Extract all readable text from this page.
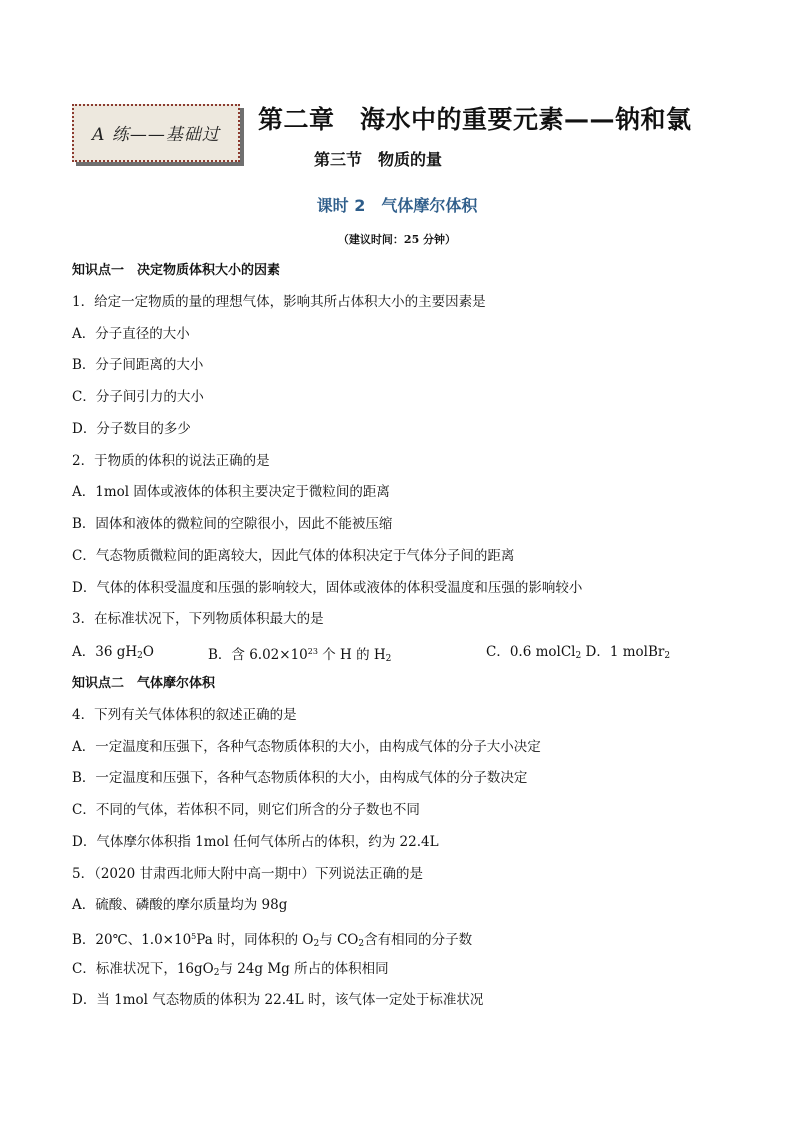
A 练——基础过
第二章　海水中的重要元素——钠和氯
第三节　物质的量
课时 2　气体摩尔体积
（建议时间：25 分钟）
知识点一　决定物质体积大小的因素
1．给定一定物质的量的理想气体，影响其所占体积大小的主要因素是
A．分子直径的大小
B．分子间距离的大小
C．分子间引力的大小
D．分子数目的多少
2．于物质的体积的说法正确的是
A．1mol 固体或液体的体积主要决定于微粒间的距离
B．固体和液体的微粒间的空隙很小，因此不能被压缩
C．气态物质微粒间的距离较大，因此气体的体积决定于气体分子间的距离
D．气体的体积受温度和压强的影响较大，固体或液体的体积受温度和压强的影响较小
3．在标准状况下，下列物质体积最大的是
A．36 $gH_2O$	B．含 $6.02\times 10^{23}$ 个 H 的 $H_2$	C．0.6 molCl$_2$ D．1 molBr$_2$
知识点二　气体摩尔体积
4．下列有关气体体积的叙述正确的是
A．一定温度和压强下，各种气态物质体积的大小，由构成气体的分子大小决定
B．一定温度和压强下，各种气态物质体积的大小，由构成气体的分子数决定
C．不同的气体，若体积不同，则它们所含的分子数也不同
D．气体摩尔体积指 1mol 任何气体所占的体积，约为 22.4L
5．（2020 甘肃西北师大附中高一期中）下列说法正确的是
A．硫酸、磷酸的摩尔质量均为 98g
B．20℃、$1.0\times 10^5Pa$ 时，同体积的 $O_2$与 $CO_2$含有相同的分子数
C．标准状况下，$16gO_2$与 24g Mg 所占的体积相同
D．当 1mol 气态物质的体积为 22.4L 时，该气体一定处于标准状况
